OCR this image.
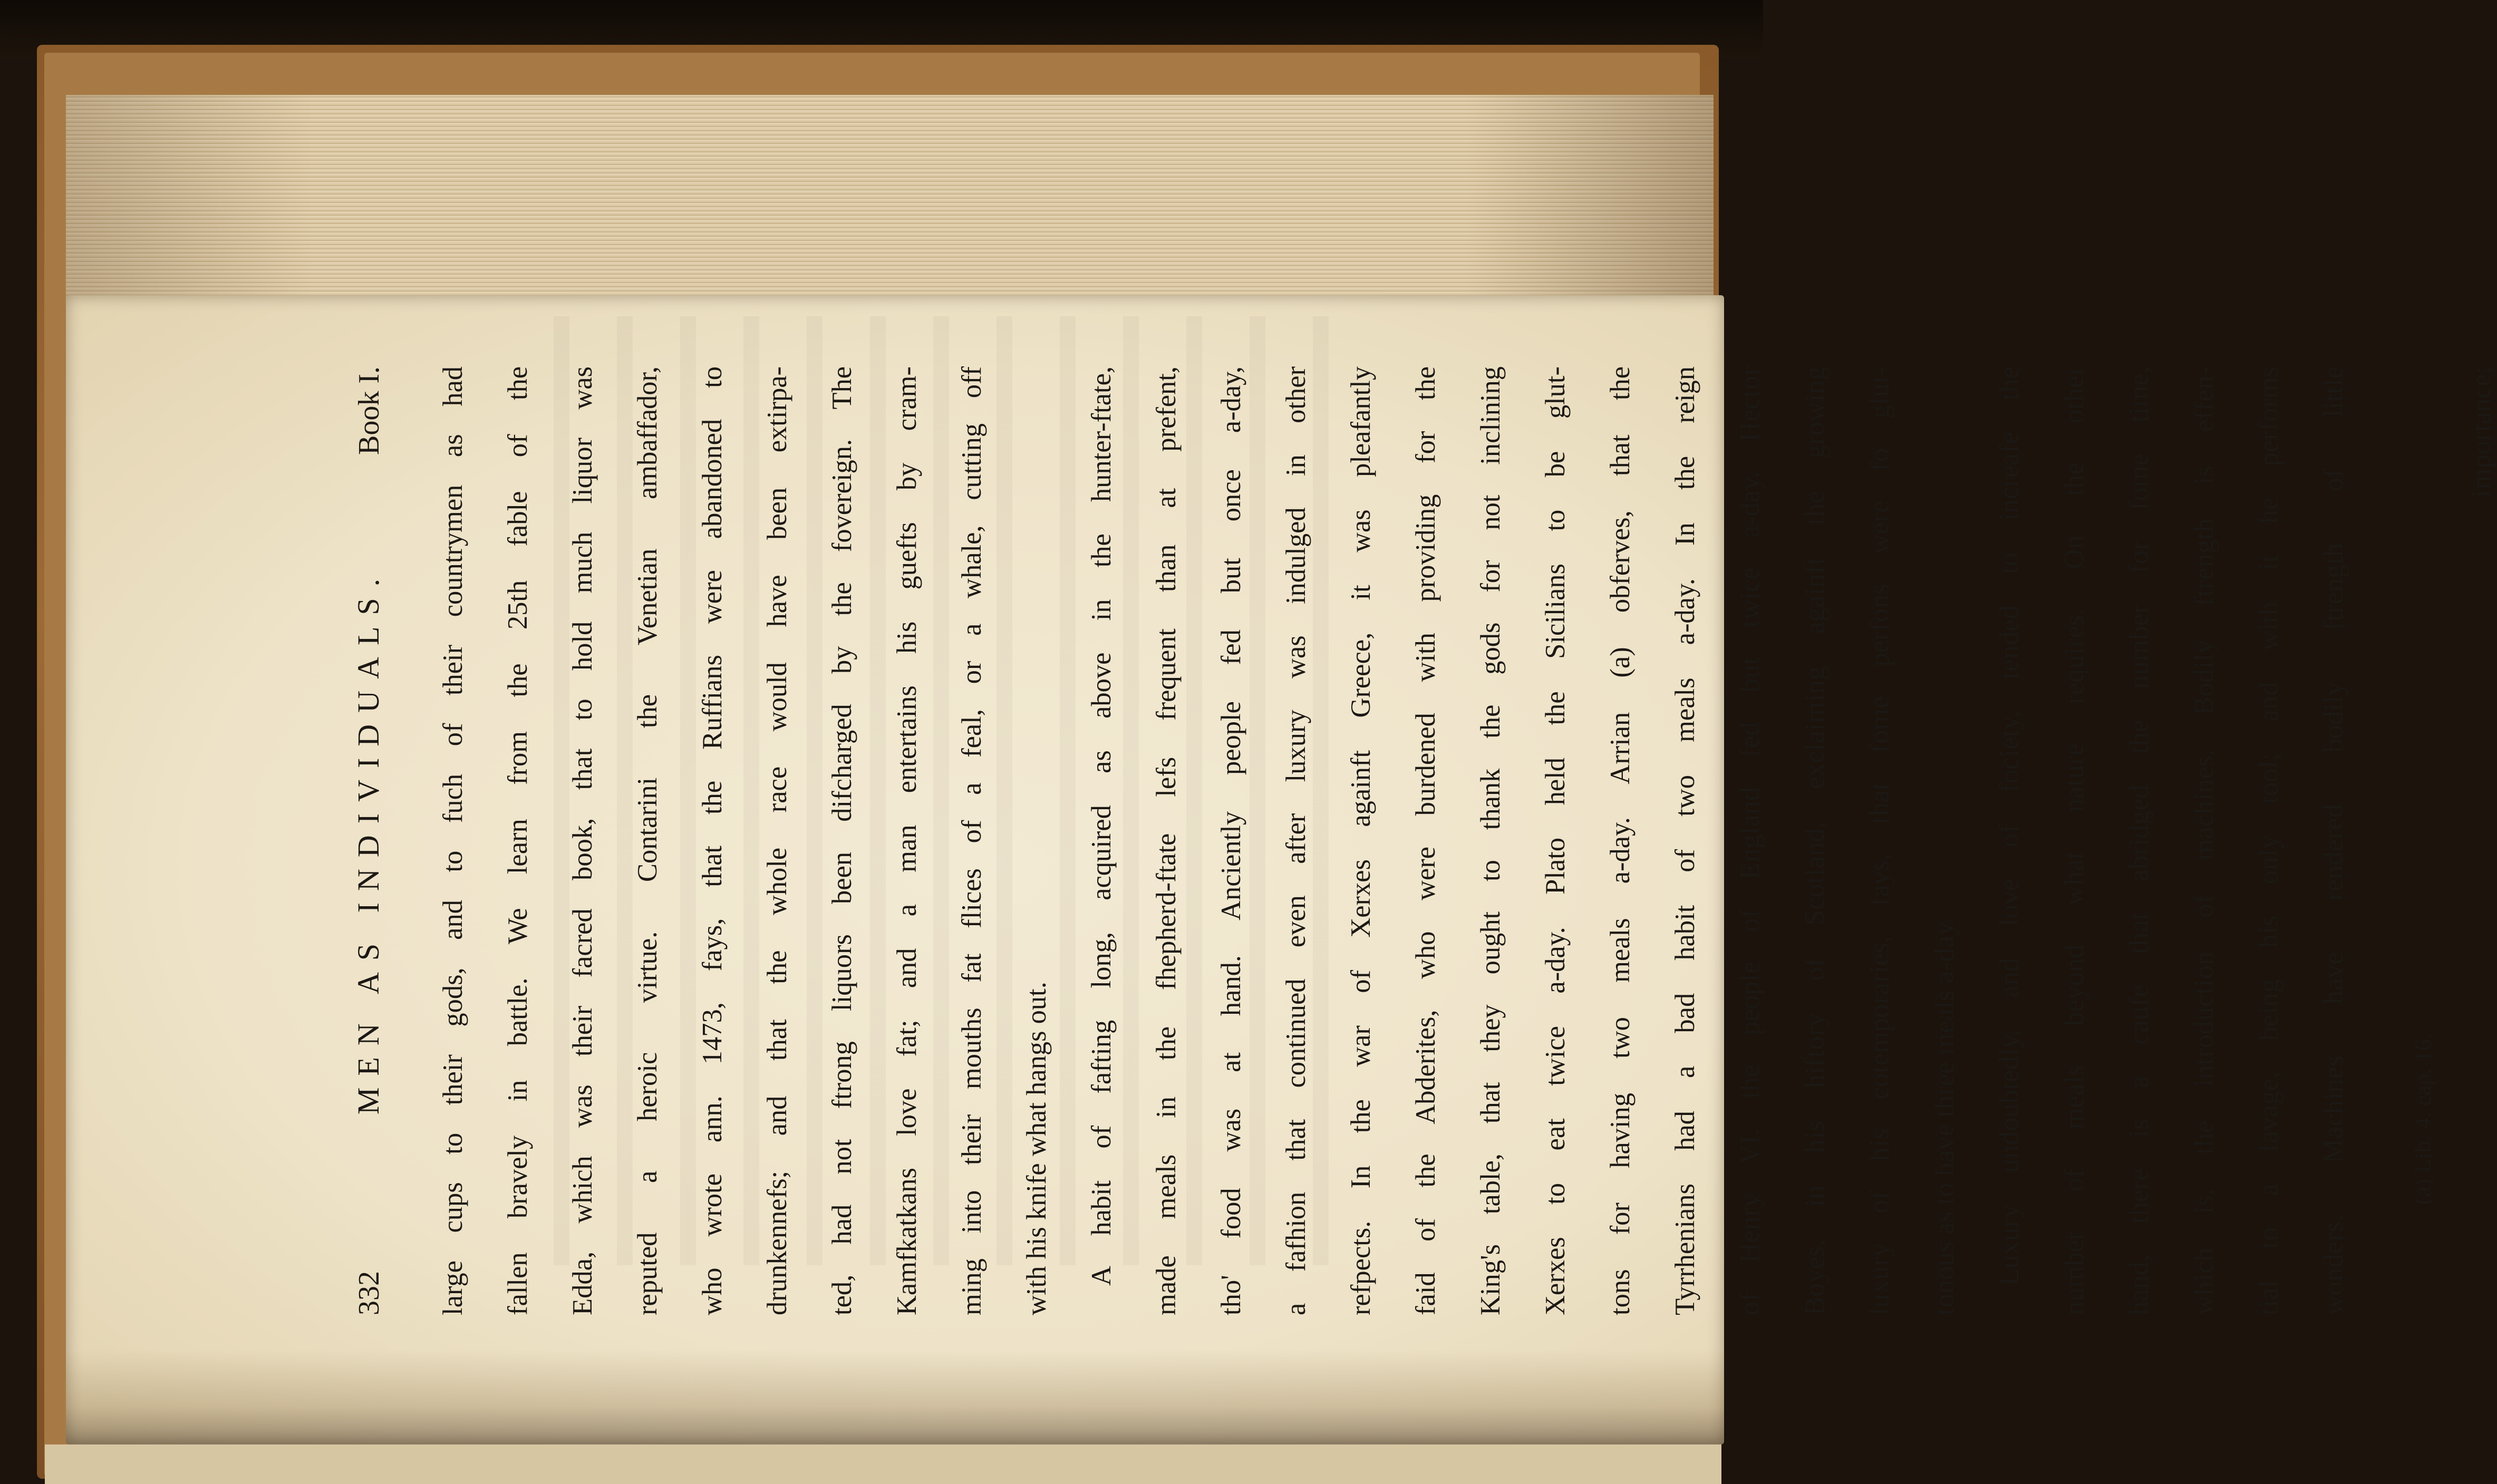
332
MEN AS INDIVIDUALS.
Book I.	large cups to their gods, and to fuch of their countrymen as had	fallen bravely in battle. We learn from the 25th fable of the	Edda, which was their facred book, that to hold much liquor was	reputed a heroic virtue. Contarini the Venetian ambaffador,	who wrote ann. 1473, fays, that the Ruffians were abandoned to	drunkennefs; and that the whole race would have been extirpa-	ted, had not ftrong liquors been difcharged by the fovereign. The	Kamfkatkans love fat; and a man entertains his guefts by cram-	ming into their mouths fat flices of a feal, or a whale, cutting off	with his knife what hangs out.	A habit of fafting long, acquired as above in the hunter-ftate,	made meals in the fhepherd-ftate lefs frequent than at prefent,	tho' food was at hand. Anciently people fed but once a-day,	a fafhion that continued even after luxury was indulged in other	refpects. In the war of Xerxes againft Greece, it was pleafantly	faid of the Abderites, who were burdened with providing for the	King's table, that they ought to thank the gods for not inclining	Xerxes to eat twice a-day. Plato held the Sicilians to be glut-	tons for having two meals a-day. Arrian (a) obferves, that the	Tyrrhenians had a bad habit of two meals a-day. In the reign	of Henry VI. the people of England fed but twice a-day. Hector	Boyes, in his hiftory of Scotland, exclaiming againft the growing	luxury of his cotemporaries, fays, that fome perfons were fo glut-	tonous as to have three meals a-day.	Luxury undoubtedly, and love of fociety, tended to increafe the	number of meals beyond what nature requires. On the other	hand, there is a caufe that abridged the number for fome time,	which is, the introduction of machines. Bodily ftrength is effen-	tial to a favage, being his only tool; and with it he performs	wonders. Machines have rendered bodily ftrength of little	(a) Lib. 4. cap. 16.
importance;
